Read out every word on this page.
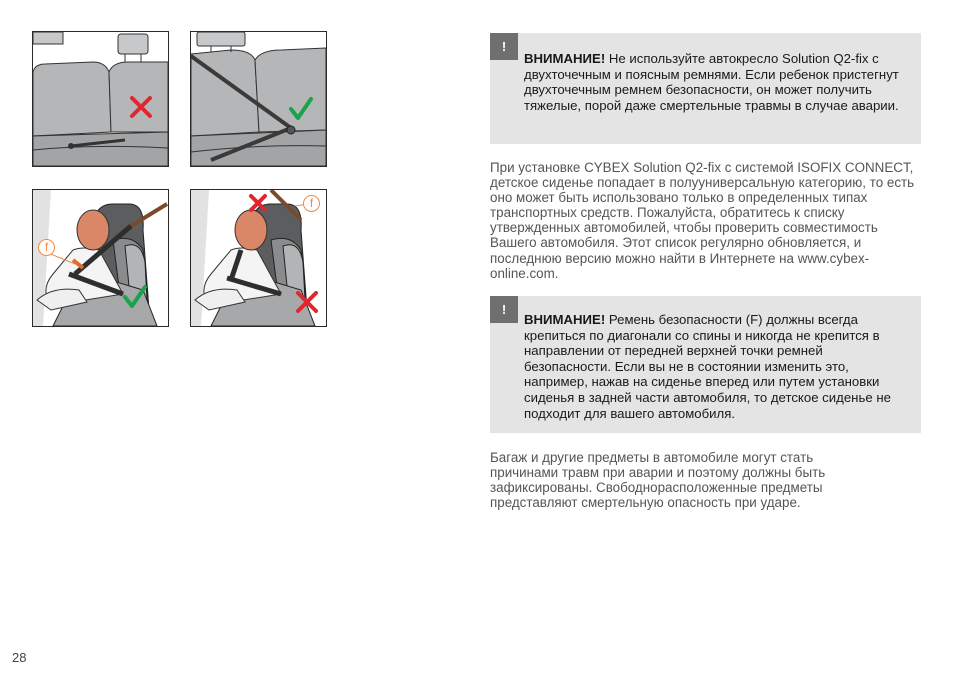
f
f
!
ВНИМАНИЕ! Не используйте автокресло Solution Q2-fix с двухточечным и поясным ремнями. Если ребенок пристегнут двухточечным ремнем безопасности, он может получить тяжелые, порой даже смертельные травмы в случае аварии.
При установке CYBEX Solution Q2-fix с системой ISOFIX CONNECT, детское сиденье попадает в полууниверсальную категорию, то есть оно может быть использовано только в определенных типах транспортных средств. Пожалуйста, обратитесь к списку утвержденных автомобилей, чтобы проверить совместимость Вашего автомобиля. Этот список регулярно обновляется, и последнюю версию можно найти в Интернете на www.cybex-online.com.
!
ВНИМАНИЕ! Ремень безопасности (F) должны всегда крепиться по диагонали со спины и никогда не крепится в направлении от передней верхней точки ремней безопасности. Если вы не в состоянии изменить это, например, нажав на сиденье вперед или путем установки сиденья в задней части автомобиля, то детское сиденье не подходит для вашего автомобиля.
Багаж и другие предметы в автомобиле могут стать причинами травм при аварии и поэтому должны быть зафиксированы. Свободнорасположенные предметы представляют смертельную опасность при ударе.
28
